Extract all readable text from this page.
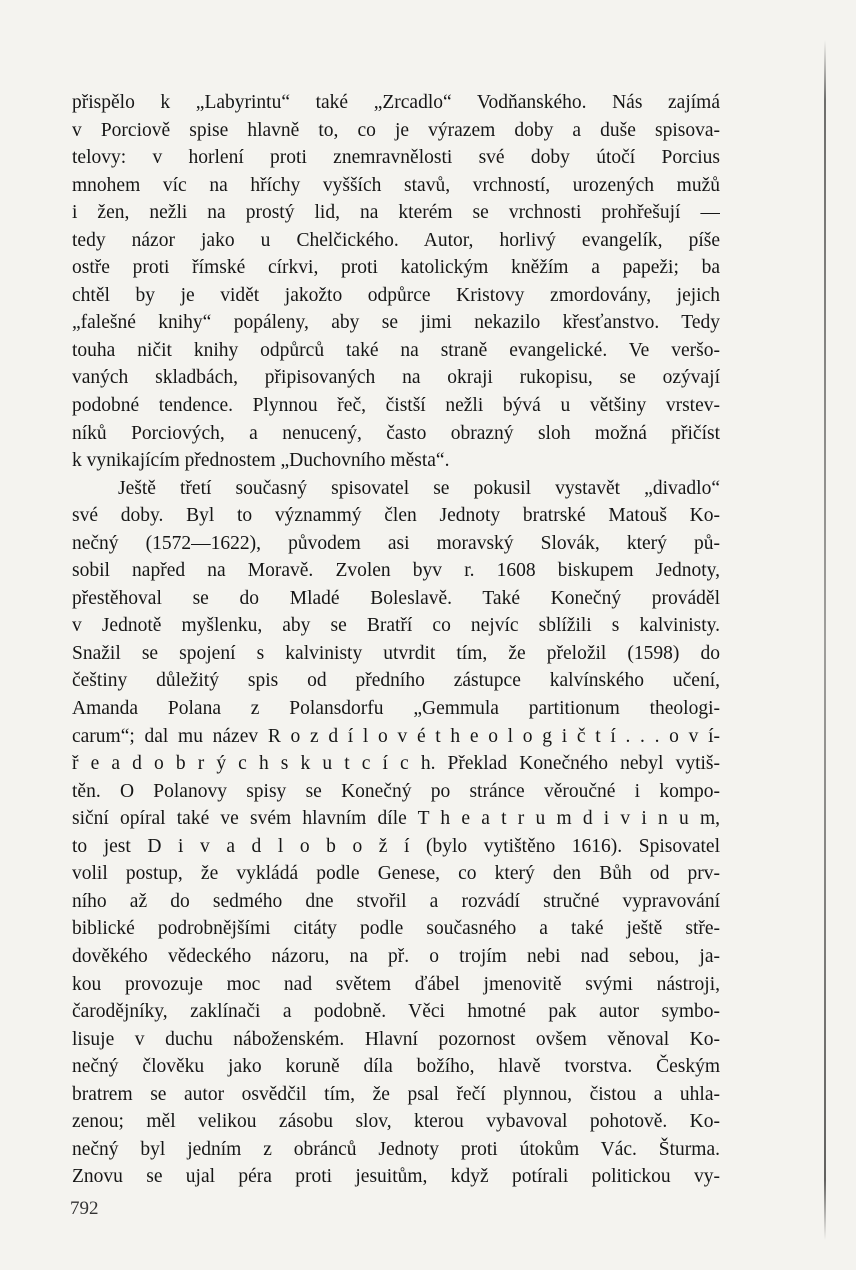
přispělo k „Labyrintu“ také „Zrcadlo“ Vodňanského. Nás zajímá
v Porciově spise hlavně to, co je výrazem doby a duše spisova-
telovy: v horlení proti znemravnělosti své doby útočí Porcius
mnohem víc na hříchy vyšších stavů, vrchností, urozených mužů
i žen, nežli na prostý lid, na kterém se vrchnosti prohřešují —
tedy názor jako u Chelčického. Autor, horlivý evangelík, píše
ostře proti římské církvi, proti katolickým kněžím a papeži; ba
chtěl by je vidět jakožto odpůrce Kristovy zmordovány, jejich
„falešné knihy“ popáleny, aby se jimi nekazilo křesťanstvo. Tedy
touha ničit knihy odpůrců také na straně evangelické. Ve veršo-
vaných skladbách, připisovaných na okraji rukopisu, se ozývají
podobné tendence. Plynnou řeč, čistší nežli bývá u většiny vrstev-
níků Porciových, a nenucený, často obrazný sloh možná přičíst
k vynikajícím přednostem „Duchovního města“.
Ještě třetí současný spisovatel se pokusil vystavět „divadlo“
své doby. Byl to význammý člen Jednoty bratrské Matouš Ko-
nečný (1572—1622), původem asi moravský Slovák, který pů-
sobil napřed na Moravě. Zvolen byv r. 1608 biskupem Jednoty,
přestěhoval se do Mladé Boleslavě. Také Konečný prováděl
v Jednotě myšlenku, aby se Bratří co nejvíc sblížili s kalvinisty.
Snažil se spojení s kalvinisty utvrdit tím, že přeložil (1598) do
češtiny důležitý spis od předního zástupce kalvínského učení,
Amanda Polana z Polansdorfu „Gemmula partitionum theologi-
carum“; dal mu název R o z d í l o v é t h e o l o g i č t í . . . o v í-
ř e a d o b r ý c h s k u t c í c h. Překlad Konečného nebyl vytiš-
těn. O Polanovy spisy se Konečný po stránce věroučné i kompo-
siční opíral také ve svém hlavním díle T h e a t r u m d i v i n u m,
to jest D i v a d l o b o ž í (bylo vytištěno 1616). Spisovatel
volil postup, že vykládá podle Genese, co který den Bůh od prv-
ního až do sedmého dne stvořil a rozvádí stručné vypravování
biblické podrobnějšími citáty podle současného a také ještě stře-
dověkého vědeckého názoru, na př. o trojím nebi nad sebou, ja-
kou provozuje moc nad světem ďábel jmenovitě svými nástroji,
čarodějníky, zaklínači a podobně. Věci hmotné pak autor symbo-
lisuje v duchu náboženském. Hlavní pozornost ovšem věnoval Ko-
nečný člověku jako koruně díla božího, hlavě tvorstva. Českým
bratrem se autor osvědčil tím, že psal řečí plynnou, čistou a uhla-
zenou; měl velikou zásobu slov, kterou vybavoval pohotově. Ko-
nečný byl jedním z obránců Jednoty proti útokům Vác. Šturma.
Znovu se ujal péra proti jesuitům, když potírali politickou vy-
792
